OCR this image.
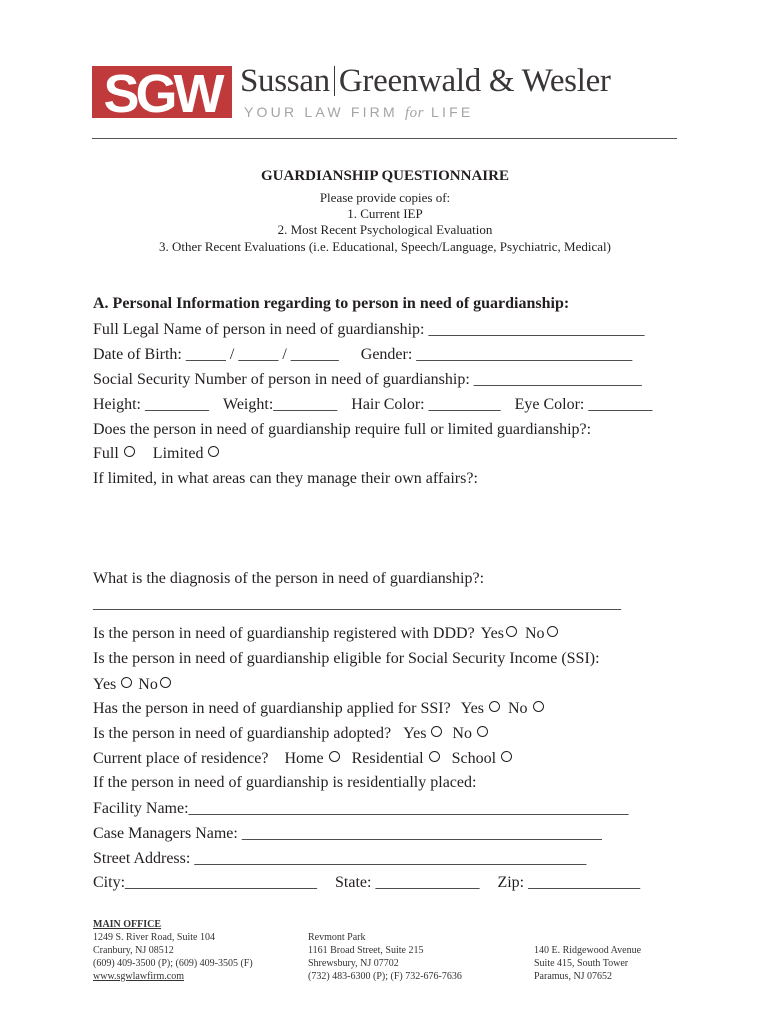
SGW Sussan Greenwald & Wesler
YOUR LAW FIRM for LIFE
GUARDIANSHIP QUESTIONNAIRE
Please provide copies of:
1. Current IEP
2. Most Recent Psychological Evaluation
3. Other Recent Evaluations (i.e. Educational, Speech/Language, Psychiatric, Medical)
A. Personal Information regarding to person in need of guardianship:
Full Legal Name of person in need of guardianship: ___________________________
Date of Birth: _____ / _____ / ______ Gender: ___________________________
Social Security Number of person in need of guardianship: _____________________
Height: ________ Weight:________ Hair Color: _________ Eye Color: ________
Does the person in need of guardianship require full or limited guardianship?:
Full Limited
If limited, in what areas can they manage their own affairs?:
What is the diagnosis of the person in need of guardianship?:
__________________________________________________________________
Is the person in need of guardianship registered with DDD? Yes No
Is the person in need of guardianship eligible for Social Security Income (SSI):
Yes No
Has the person in need of guardianship applied for SSI? Yes No
Is the person in need of guardianship adopted? Yes No
Current place of residence? Home Residential School
If the person in need of guardianship is residentially placed:
Facility Name:_______________________________________________________
Case Managers Name: _____________________________________________
Street Address: _________________________________________________
City:________________________ State: _____________ Zip: ______________
MAIN OFFICE
1249 S. River Road, Suite 104
Cranbury, NJ 08512
(609) 409-3500 (P); (609) 409-3505 (F)
www.sgwlawfirm.com
Revmont Park
1161 Broad Street, Suite 215
Shrewsbury, NJ 07702
(732) 483-6300 (P); (F) 732-676-7636
140 E. Ridgewood Avenue
Suite 415, South Tower
Paramus, NJ 07652
